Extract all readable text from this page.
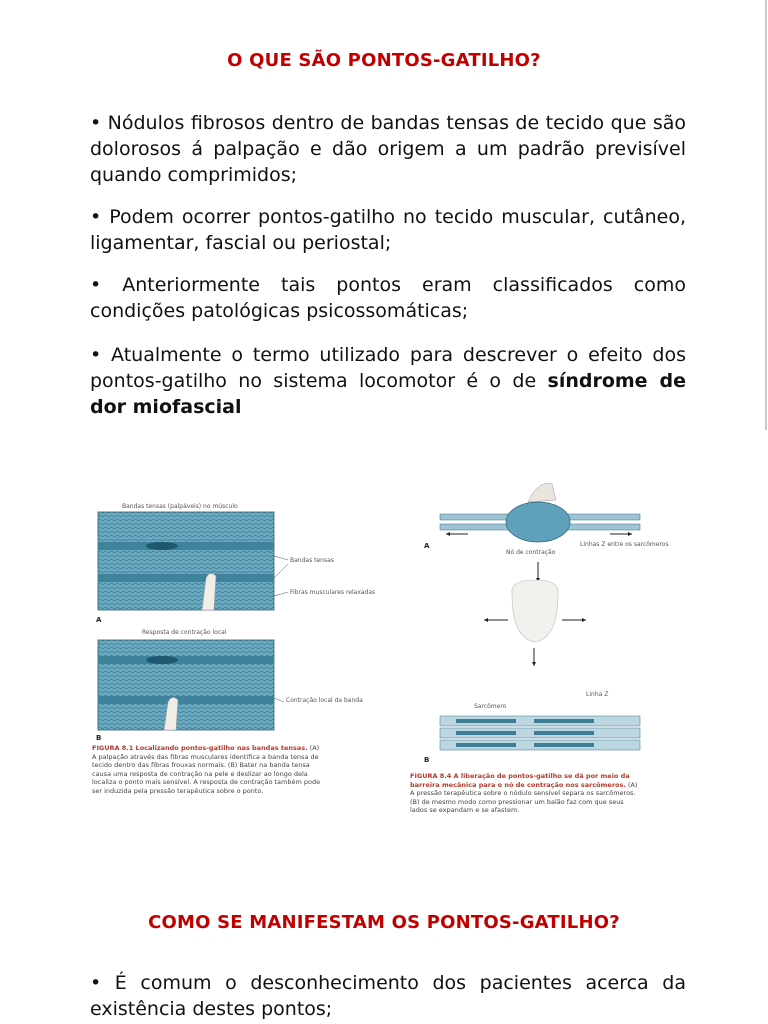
O QUE SÃO PONTOS-GATILHO?

• Nódulos fibrosos dentro de bandas tensas de tecido que são dolorosos á palpação e dão origem a um padrão previsível quando comprimidos;

• Podem ocorrer pontos-gatilho no tecido muscular, cutâneo, ligamentar, fascial ou periostal;

• Anteriormente tais pontos eram classificados como condições patológicas psicossomáticas;

• Atualmente o termo utilizado para descrever o efeito dos pontos-gatilho no sistema locomotor é o de síndrome de dor miofascial

Bandas tensas (palpáveis) no músculo
Bandas tensas
Fibras musculares relaxadas
A
Resposta de contração local
Contração local da banda
B
FIGURA 8.1 Localizando pontos-gatilho nas bandas tensas. (A) A palpação através das fibras musculares identifica a banda tensa de tecido dentro das fibras frouxas normais. (B) Bater na banda tensa causa uma resposta de contração na pele e deslizar ao longo dela localiza o ponto mais sensível. A resposta de contração também pode ser induzida pela pressão terapêutica sobre o ponto.
A
Nó de contração
Linhas Z entre os sarcômeros
Sarcômero
Linha Z
B
FIGURA 8.4 A liberação de pontos-gatilho se dá por meio da barreira mecânica para o nó de contração nos sarcômeros. (A) A pressão terapêutica sobre o nódulo sensível separa os sarcômeros. (B) de mesmo modo como pressionar um balão faz com que seus lados se expandam e se afastem.
COMO SE MANIFESTAM OS PONTOS-GATILHO?

• É comum o desconhecimento dos pacientes acerca da existência destes pontos;
